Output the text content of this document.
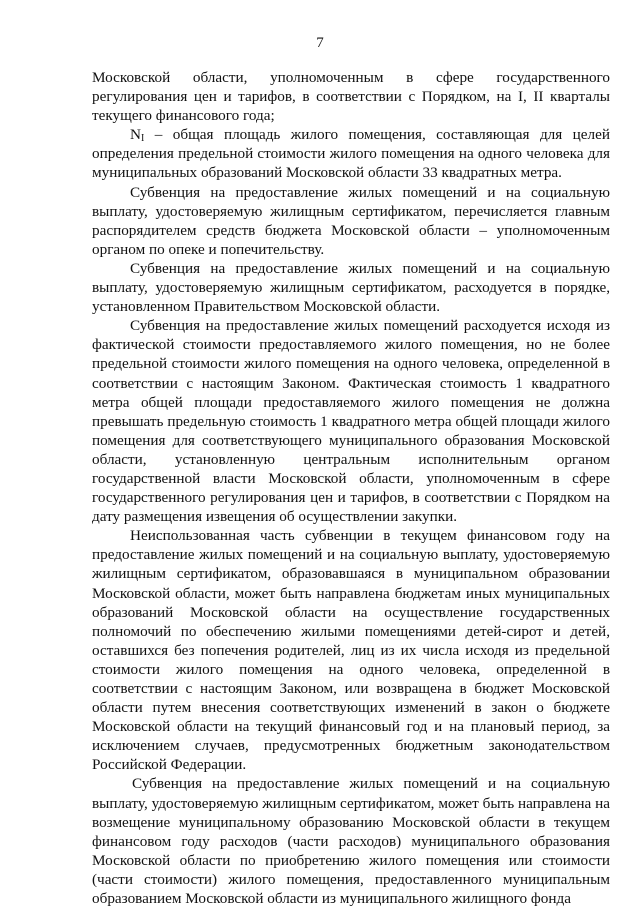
7

Московской области, уполномоченным в сфере государственного регулирования цен и тарифов, в соответствии с Порядком, на I, II кварталы текущего финансового года;

$N_I$ – общая площадь жилого помещения, составляющая для целей определения предельной стоимости жилого помещения на одного человека для муниципальных образований Московской области 33 квадратных метра.

Субвенция на предоставление жилых помещений и на социальную выплату, удостоверяемую жилищным сертификатом, перечисляется главным распорядителем средств бюджета Московской области – уполномоченным органом по опеке и попечительству.

Субвенция на предоставление жилых помещений и на социальную выплату, удостоверяемую жилищным сертификатом, расходуется в порядке, установленном Правительством Московской области.

Субвенция на предоставление жилых помещений расходуется исходя из фактической стоимости предоставляемого жилого помещения, но не более предельной стоимости жилого помещения на одного человека, определенной в соответствии с настоящим Законом. Фактическая стоимость 1 квадратного метра общей площади предоставляемого жилого помещения не должна превышать предельную стоимость 1 квадратного метра общей площади жилого помещения для соответствующего муниципального образования Московской области, установленную центральным исполнительным органом государственной власти Московской области, уполномоченным в сфере государственного регулирования цен и тарифов, в соответствии с Порядком на дату размещения извещения об осуществлении закупки.

Неиспользованная часть субвенции в текущем финансовом году на предоставление жилых помещений и на социальную выплату, удостоверяемую жилищным сертификатом, образовавшаяся в муниципальном образовании Московской области, может быть направлена бюджетам иных муниципальных образований Московской области на осуществление государственных полномочий по обеспечению жилыми помещениями детей-сирот и детей, оставшихся без попечения родителей, лиц из их числа исходя из предельной стоимости жилого помещения на одного человека, определенной в соответствии с настоящим Законом, или возвращена в бюджет Московской области путем внесения соответствующих изменений в закон о бюджете Московской области на текущий финансовый год и на плановый период, за исключением случаев, предусмотренных бюджетным законодательством Российской Федерации.

Субвенция на предоставление жилых помещений и на социальную выплату, удостоверяемую жилищным сертификатом, может быть направлена на возмещение муниципальному образованию Московской области в текущем финансовом году расходов (части расходов) муниципального образования Московской области по приобретению жилого помещения или стоимости (части стоимости) жилого помещения, предоставленного муниципальным образованием Московской области из муниципального жилищного фонда
